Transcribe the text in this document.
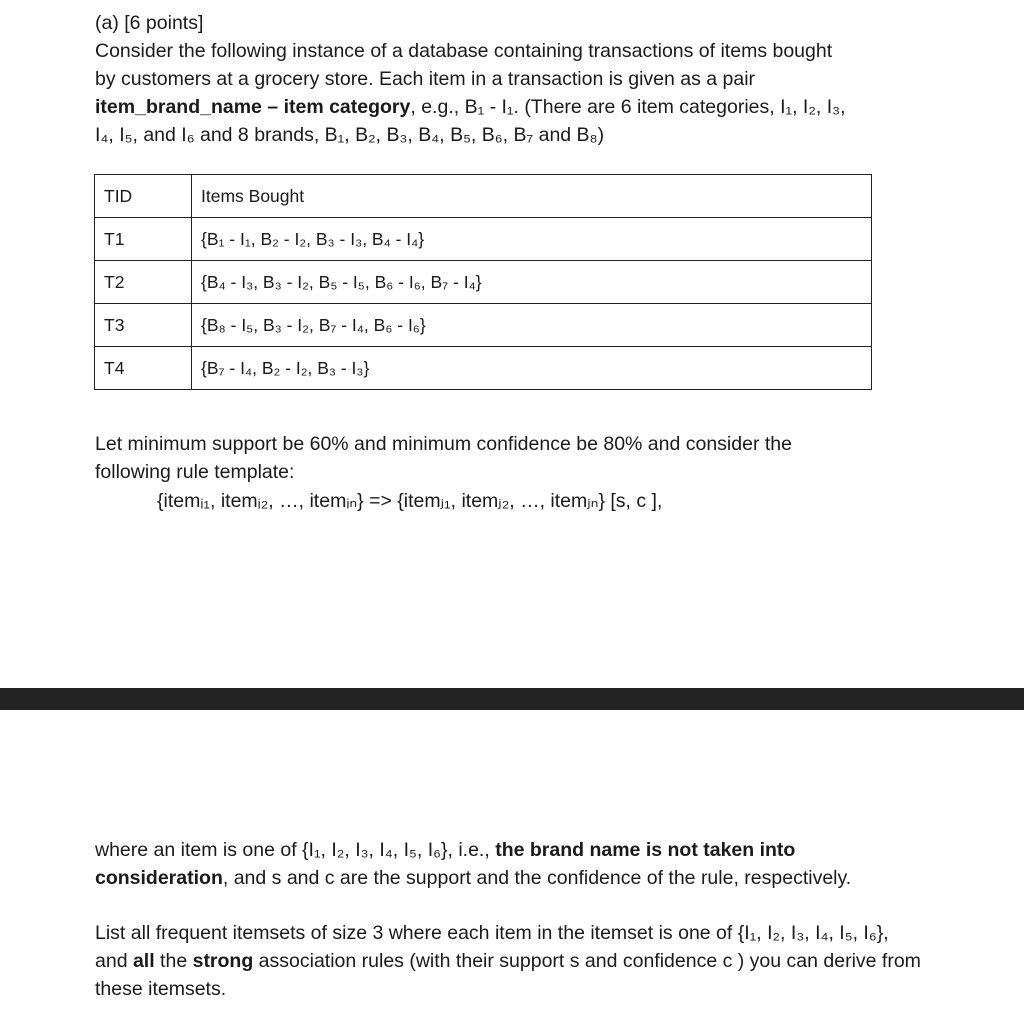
(a) [6 points]

Consider the following instance of a database containing transactions of items bought

by customers at a grocery store. Each item in a transaction is given as a pair

item_brand_name – item category, e.g., B₁ - I₁. (There are 6 item categories, I₁, I₂, I₃,

I₄, I₅, and I₆ and 8 brands, B₁, B₂, B₃, B₄, B₅, B₆, B₇ and B₈)

TID	Items Bought
T1	{B₁ - I₁, B₂ - I₂, B₃ - I₃, B₄ - I₄}
T2	{B₄ - I₃, B₃ - I₂, B₅ - I₅, B₆ - I₆, B₇ - I₄}
T3	{B₈ - I₅, B₃ - I₂, B₇ - I₄, B₆ - I₆}
T4	{B₇ - I₄, B₂ - I₂, B₃ - I₃}

Let minimum support be 60% and minimum confidence be 80% and consider the

following rule template:

{itemᵢ₁, itemᵢ₂, …, itemᵢₙ} => {itemⱼ₁, itemⱼ₂, …, itemⱼₙ} [s, c ],

where an item is one of {I₁, I₂, I₃, I₄, I₅, I₆}, i.e., the brand name is not taken into consideration, and s and c are the support and the confidence of the rule, respectively.

List all frequent itemsets of size 3 where each item in the itemset is one of {I₁, I₂, I₃, I₄, I₅, I₆}, and all the strong association rules (with their support s and confidence c ) you can derive from these itemsets.
